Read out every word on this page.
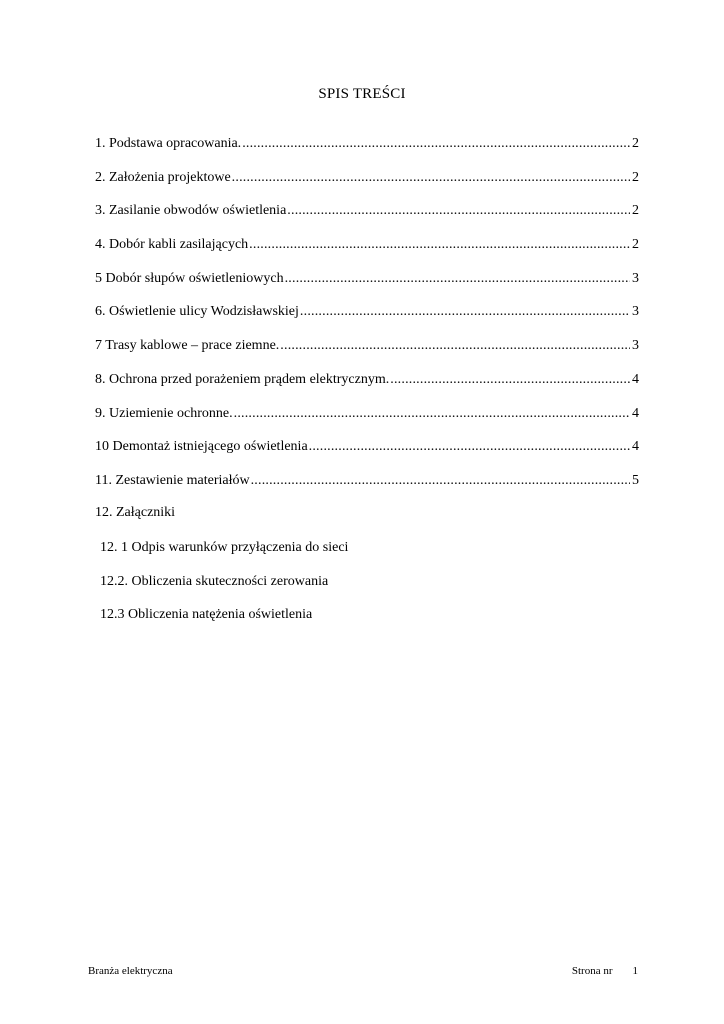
SPIS TREŚCI
1. Podstawa opracowania. .....	2
2. Założenia projektowe .....	2
3. Zasilanie obwodów oświetlenia .....	2
4. Dobór kabli zasilających .....	2
5 Dobór słupów oświetleniowych .....	3
6. Oświetlenie ulicy Wodzisławskiej .....	3
7 Trasy kablowe – prace ziemne. .....	3
8. Ochrona przed porażeniem prądem elektrycznym. .....	4
9. Uziemienie ochronne. .....	4
10 Demontaż istniejącego oświetlenia .....	4
11. Zestawienie materiałów .....	5
12. Załączniki
12. 1 Odpis warunków przyłączenia do sieci
12.2. Obliczenia skuteczności zerowania
12.3 Obliczenia natężenia oświetlenia
Branża elektryczna	Strona nr 1
